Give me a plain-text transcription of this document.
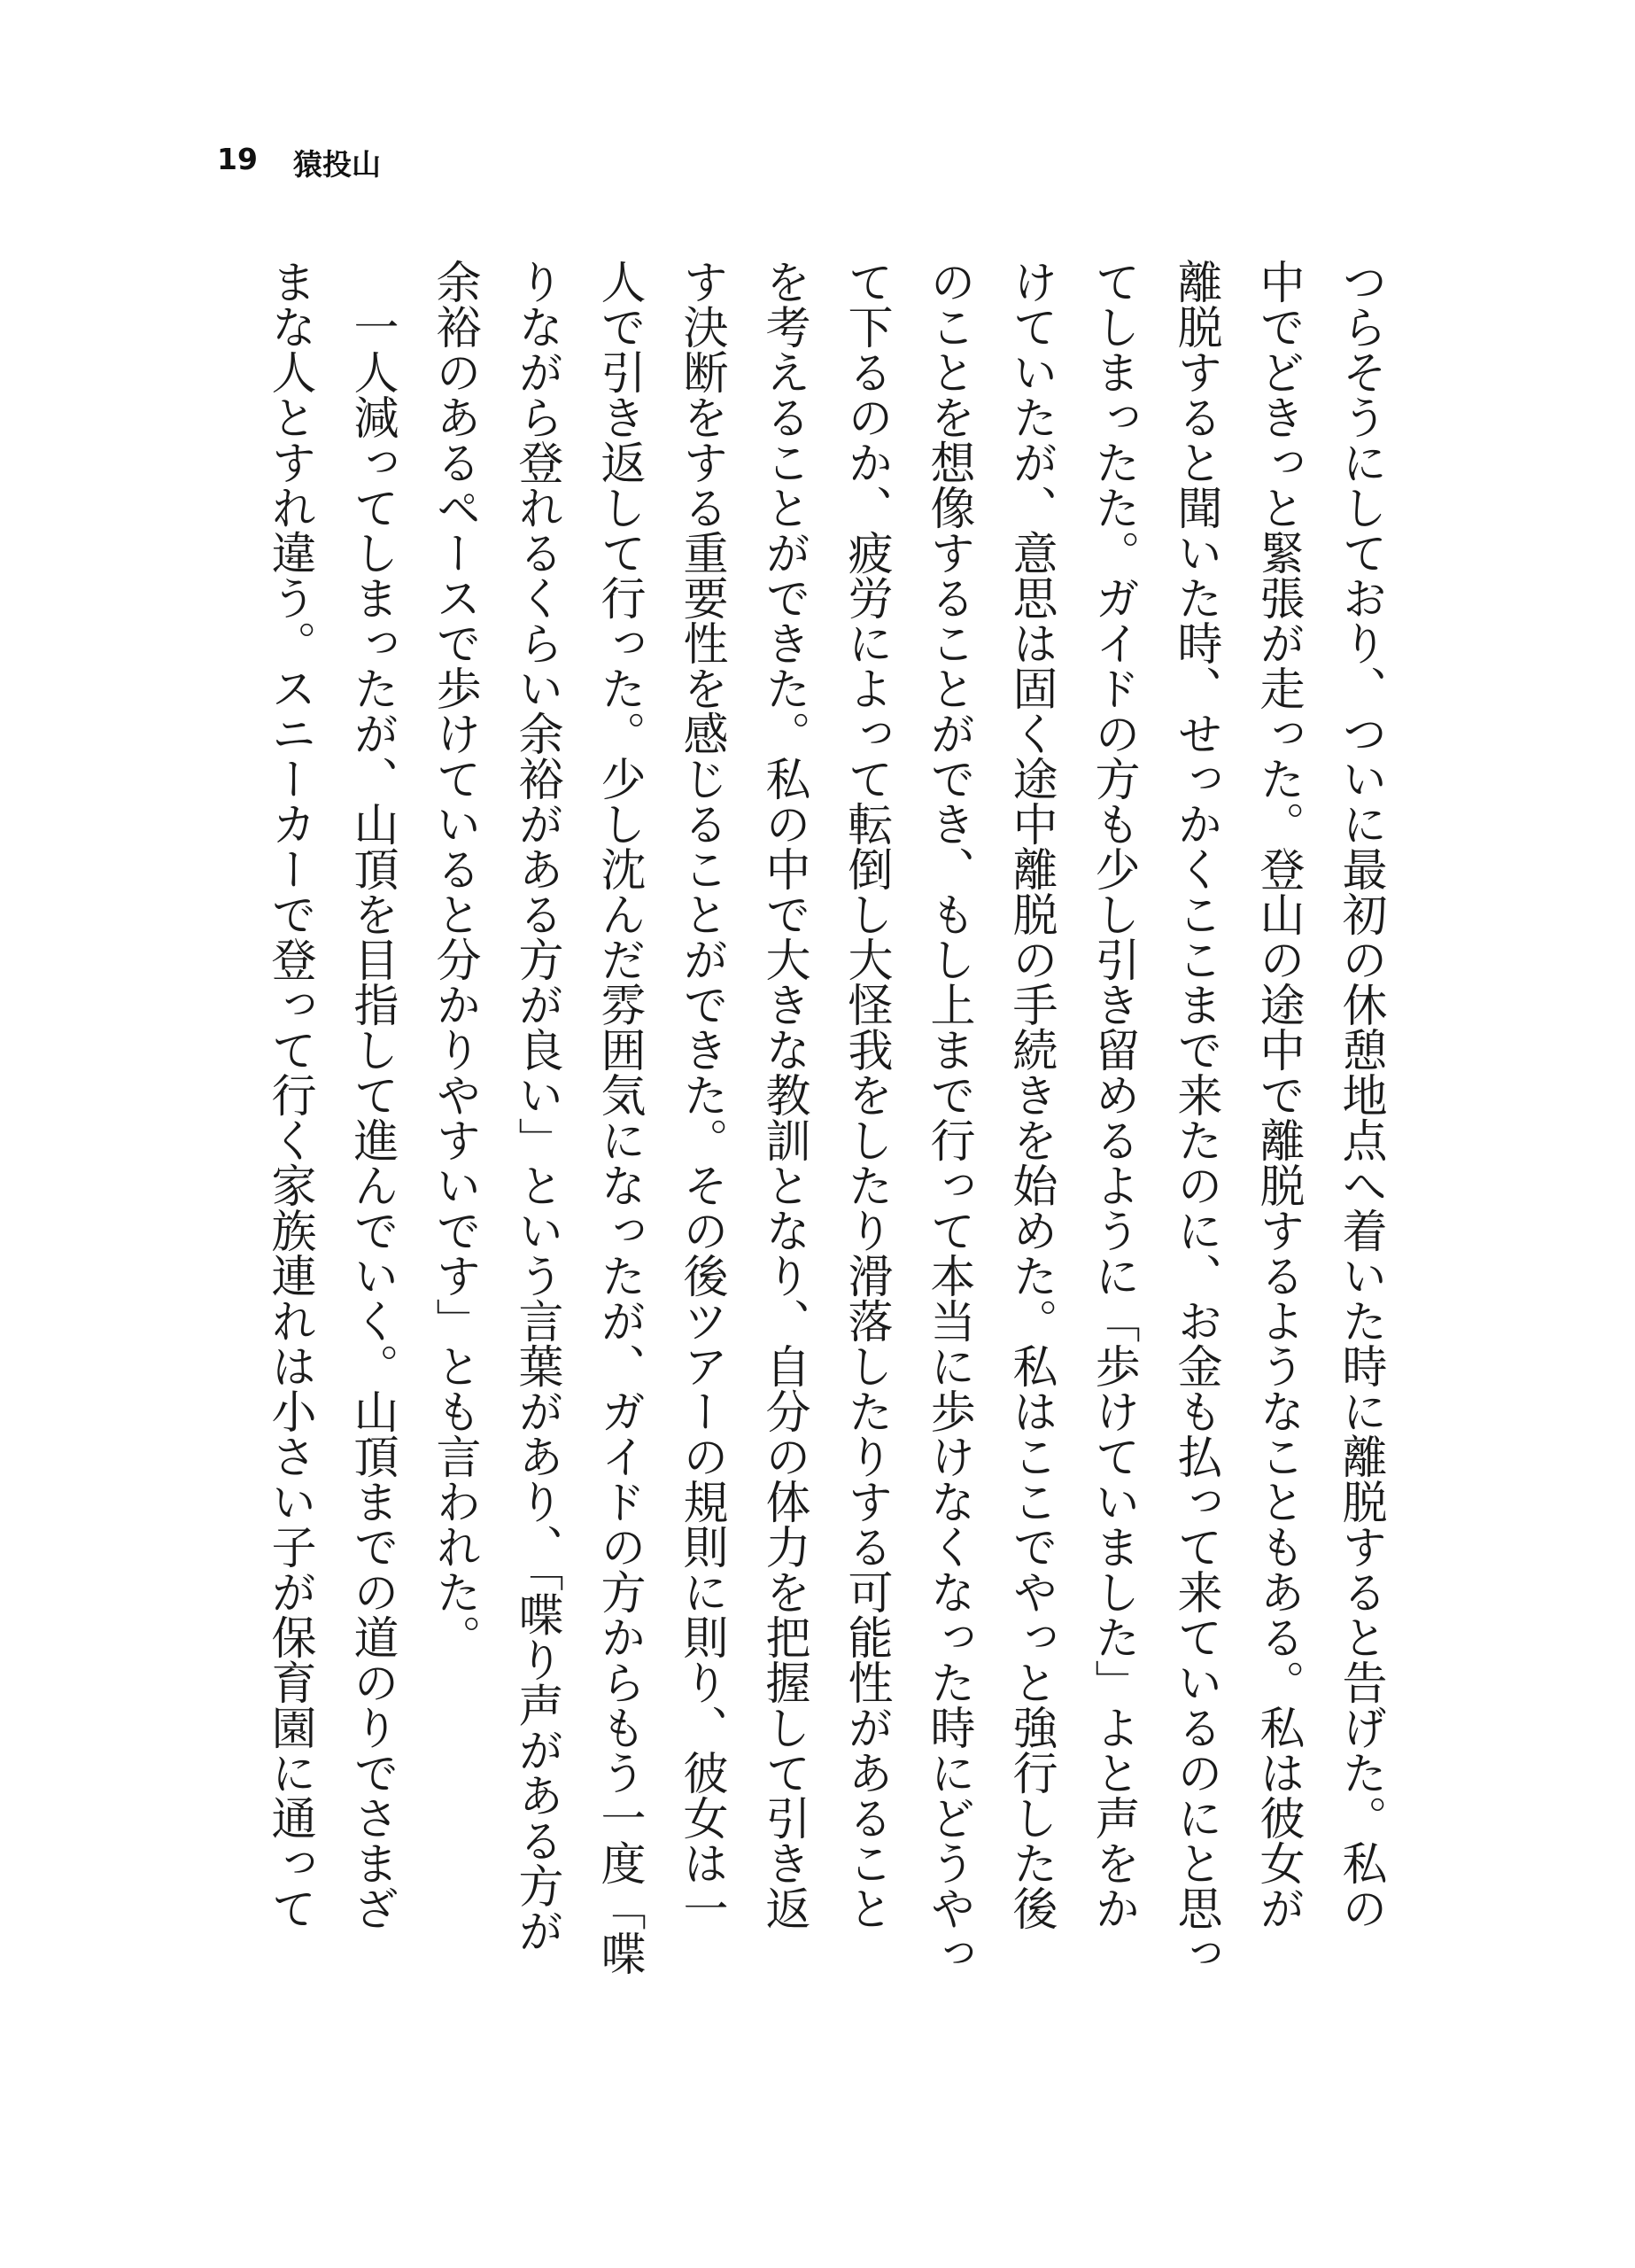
19 猿投山
つらそうにしており、ついに最初の休憩地点へ着いた時に離脱すると告げた。私の
中でどきっと緊張が走った。登山の途中で離脱するようなこともある。私は彼女が
離脱すると聞いた時、せっかくここまで来たのに、お金も払って来ているのにと思っ
てしまったた。ガイドの方も少し引き留めるように「歩けていました」よと声をか
けていたが、意思は固く途中離脱の手続きを始めた。私はここでやっと強行した後
のことを想像することができ、もし上まで行って本当に歩けなくなった時にどうやっ
て下るのか、疲労によって転倒し大怪我をしたり滑落したりする可能性があること
を考えることができた。私の中で大きな教訓となり、自分の体力を把握して引き返
す決断をする重要性を感じることができた。その後ツアーの規則に則り、彼女は一
人で引き返して行った。少し沈んだ雰囲気になったが、ガイドの方からもう一度「喋
りながら登れるくらい余裕がある方が良い」という言葉があり、「喋り声がある方が
余裕のあるペースで歩けていると分かりやすいです」とも言われた。
　一人減ってしまったが、山頂を目指して進んでいく。山頂までの道のりでさまざ
まな人とすれ違う。スニーカーで登って行く家族連れは小さい子が保育園に通って
